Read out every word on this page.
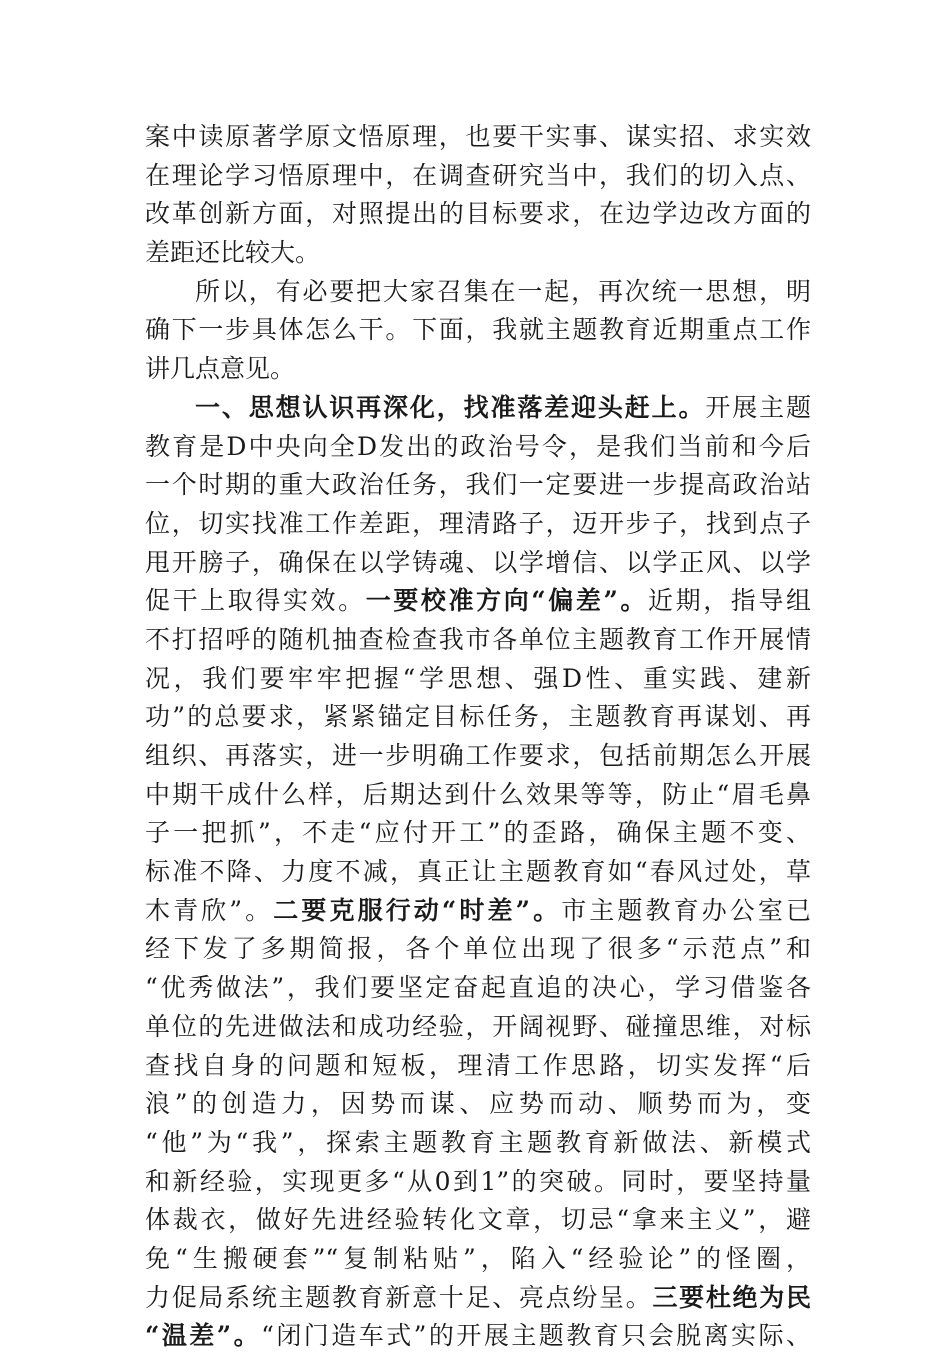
案中读原著学原文悟原理，也要干实事、谋实招、求实效
在理论学习悟原理中，在调查研究当中，我们的切入点、
改革创新方面，对照提出的目标要求，在边学边改方面的
差距还比较大。
所以，有必要把大家召集在一起，再次统一思想，明
确下一步具体怎么干。下面，我就主题教育近期重点工作
讲几点意见。
一、思想认识再深化，找准落差迎头赶上。开展主题
教育是D中央向全D发出的政治号令，是我们当前和今后
一个时期的重大政治任务，我们一定要进一步提高政治站
位，切实找准工作差距，理清路子，迈开步子，找到点子
甩开膀子，确保在以学铸魂、以学增信、以学正风、以学
促干上取得实效。一要校准方向“偏差”。近期，指导组
不打招呼的随机抽查检查我市各单位主题教育工作开展情
况，我们要牢牢把握“学思想、强D性、重实践、建新
功”的总要求，紧紧锚定目标任务，主题教育再谋划、再
组织、再落实，进一步明确工作要求，包括前期怎么开展
中期干成什么样，后期达到什么效果等等，防止“眉毛鼻
子一把抓”，不走“应付开工”的歪路，确保主题不变、
标准不降、力度不减，真正让主题教育如“春风过处，草
木青欣”。二要克服行动“时差”。市主题教育办公室已
经下发了多期简报，各个单位出现了很多“示范点”和
“优秀做法”，我们要坚定奋起直追的决心，学习借鉴各
单位的先进做法和成功经验，开阔视野、碰撞思维，对标
查找自身的问题和短板，理清工作思路，切实发挥“后
浪”的创造力，因势而谋、应势而动、顺势而为，变
“他”为“我”，探索主题教育主题教育新做法、新模式
和新经验，实现更多“从0到1”的突破。同时，要坚持量
体裁衣，做好先进经验转化文章，切忌“拿来主义”，避
免“生搬硬套”“复制粘贴”，陷入“经验论”的怪圈，
力促局系统主题教育新意十足、亮点纷呈。三要杜绝为民
“温差”。“闭门造车式”的开展主题教育只会脱离实际、
